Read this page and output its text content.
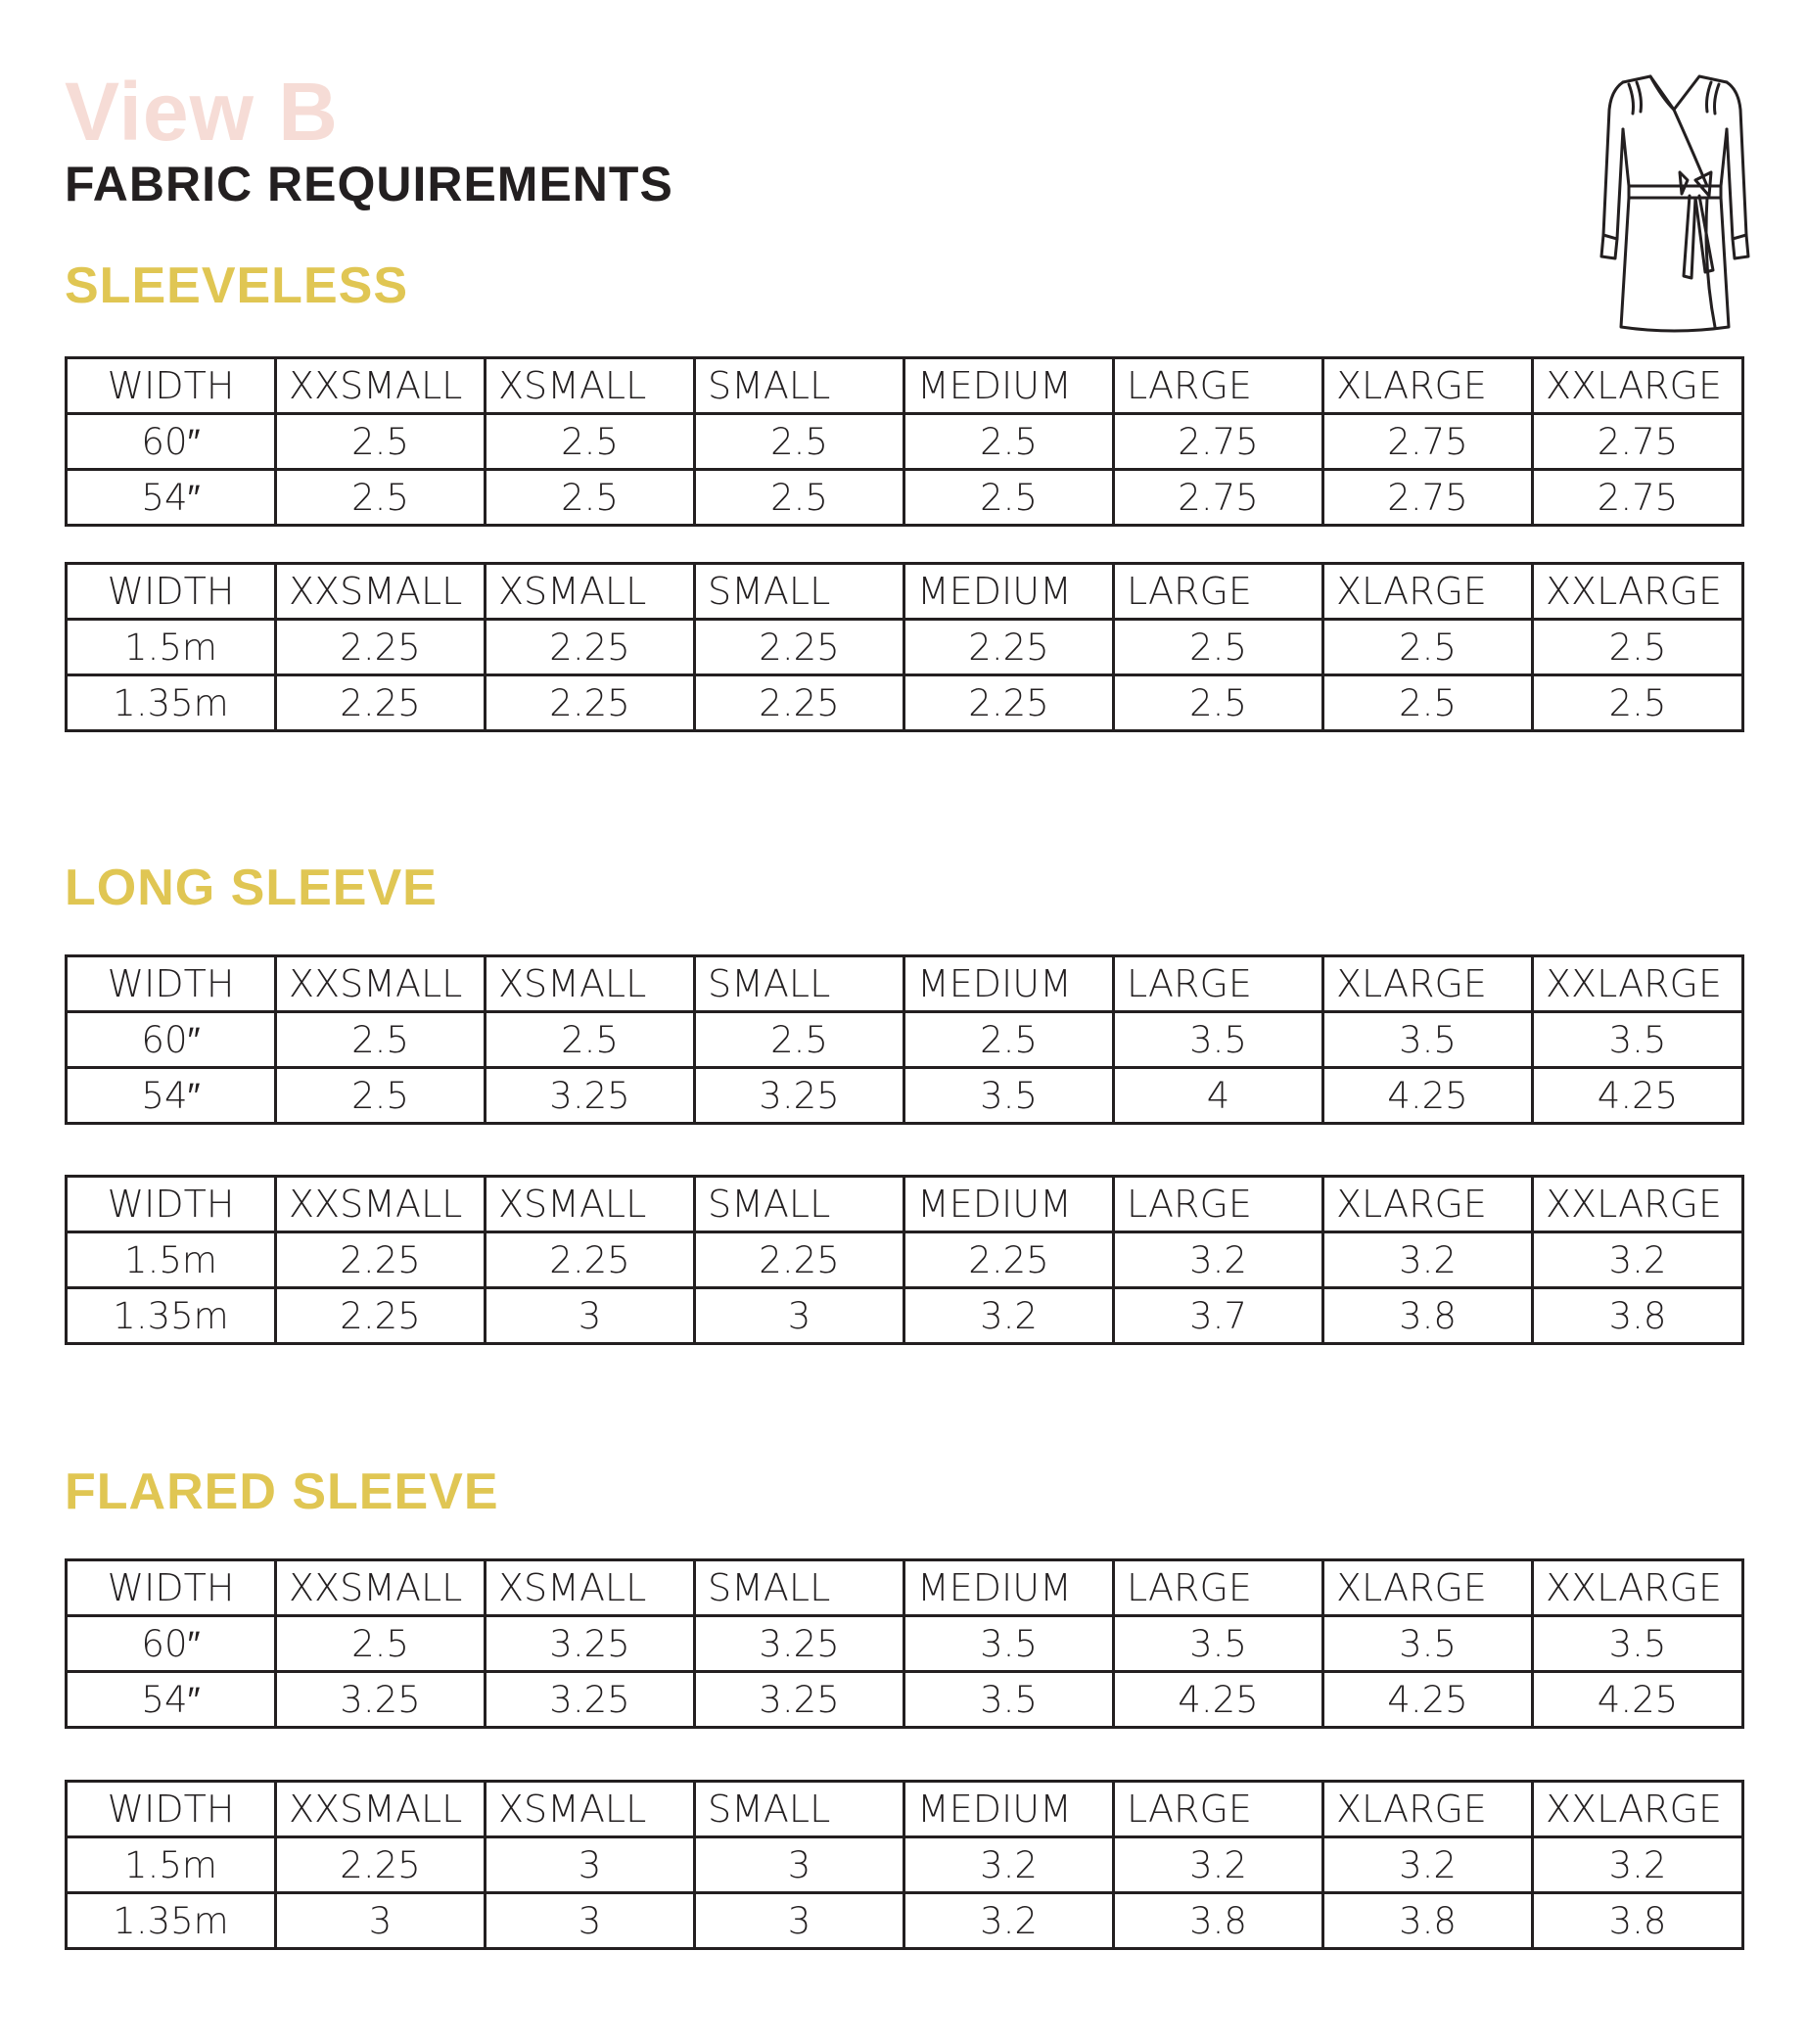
View B
FABRIC REQUIREMENTS
SLEEVELESS
WIDTH	XXSMALL	XSMALL	SMALL	MEDIUM	LARGE	XLARGE	XXLARGE
60″	2.5	2.5	2.5	2.5	2.75	2.75	2.75
54″	2.5	2.5	2.5	2.5	2.75	2.75	2.75
WIDTH	XXSMALL	XSMALL	SMALL	MEDIUM	LARGE	XLARGE	XXLARGE
1.5m	2.25	2.25	2.25	2.25	2.5	2.5	2.5
1.35m	2.25	2.25	2.25	2.25	2.5	2.5	2.5
LONG SLEEVE
WIDTH	XXSMALL	XSMALL	SMALL	MEDIUM	LARGE	XLARGE	XXLARGE
60″	2.5	2.5	2.5	2.5	3.5	3.5	3.5
54″	2.5	3.25	3.25	3.5	4	4.25	4.25
WIDTH	XXSMALL	XSMALL	SMALL	MEDIUM	LARGE	XLARGE	XXLARGE
1.5m	2.25	2.25	2.25	2.25	3.2	3.2	3.2
1.35m	2.25	3	3	3.2	3.7	3.8	3.8
FLARED SLEEVE
WIDTH	XXSMALL	XSMALL	SMALL	MEDIUM	LARGE	XLARGE	XXLARGE
60″	2.5	3.25	3.25	3.5	3.5	3.5	3.5
54″	3.25	3.25	3.25	3.5	4.25	4.25	4.25
WIDTH	XXSMALL	XSMALL	SMALL	MEDIUM	LARGE	XLARGE	XXLARGE
1.5m	2.25	3	3	3.2	3.2	3.2	3.2
1.35m	3	3	3	3.2	3.8	3.8	3.8
